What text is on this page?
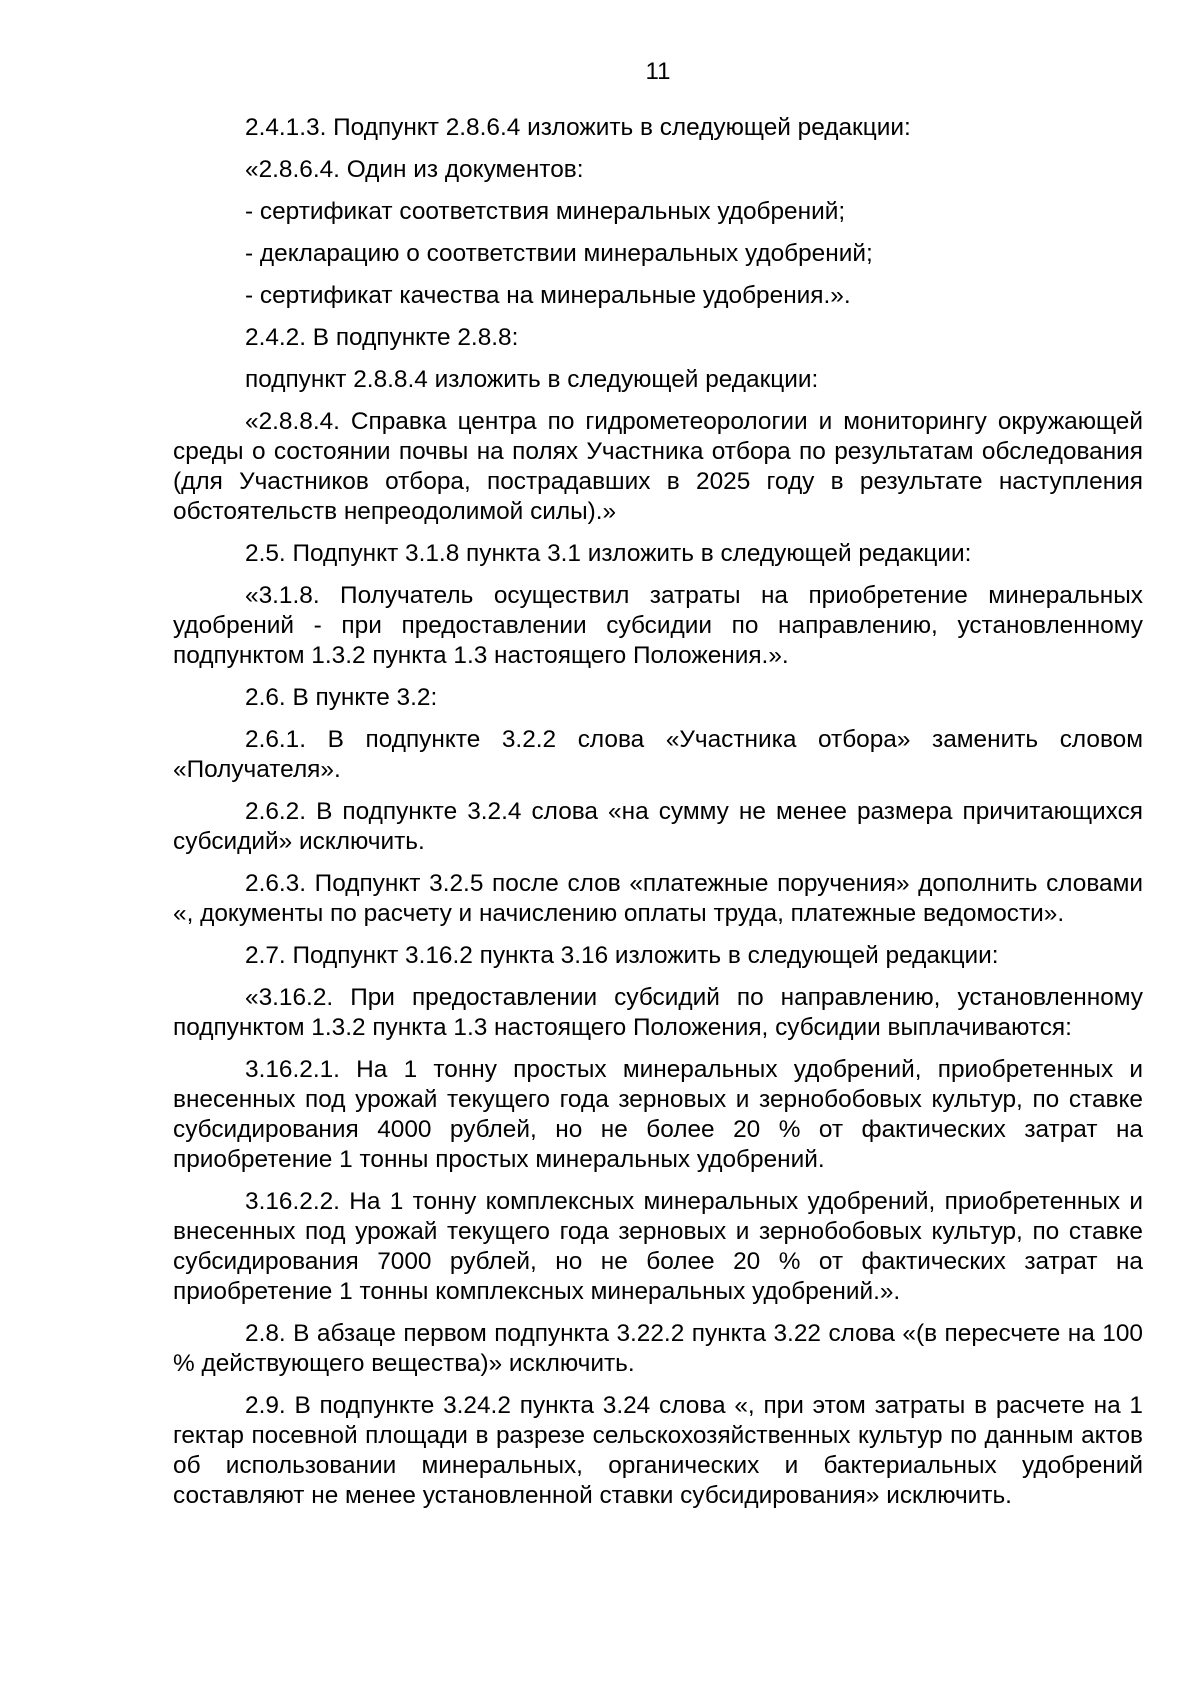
11

2.4.1.3. Подпункт 2.8.6.4 изложить в следующей редакции:

«2.8.6.4. Один из документов:

- сертификат соответствия минеральных удобрений;

- декларацию о соответствии минеральных удобрений;

- сертификат качества на минеральные удобрения.».

2.4.2. В подпункте 2.8.8:

подпункт 2.8.8.4 изложить в следующей редакции:

«2.8.8.4. Справка центра по гидрометеорологии и мониторингу окружающей среды о состоянии почвы на полях Участника отбора по результатам обследования (для Участников отбора, пострадавших в 2025 году в результате наступления обстоятельств непреодолимой силы).»

2.5. Подпункт 3.1.8 пункта 3.1 изложить в следующей редакции:

«3.1.8. Получатель осуществил затраты на приобретение минеральных удобрений - при предоставлении субсидии по направлению, установленному подпунктом 1.3.2 пункта 1.3 настоящего Положения.».

2.6. В пункте 3.2:

2.6.1. В подпункте 3.2.2 слова «Участника отбора» заменить словом «Получателя».

2.6.2. В подпункте 3.2.4 слова «на сумму не менее размера причитающихся субсидий» исключить.

2.6.3. Подпункт 3.2.5 после слов «платежные поручения» дополнить словами «, документы по расчету и начислению оплаты труда, платежные ведомости».

2.7. Подпункт 3.16.2 пункта 3.16 изложить в следующей редакции:

«3.16.2. При предоставлении субсидий по направлению, установленному подпунктом 1.3.2 пункта 1.3 настоящего Положения, субсидии выплачиваются:

3.16.2.1. На 1 тонну простых минеральных удобрений, приобретенных и внесенных под урожай текущего года зерновых и зернобобовых культур, по ставке субсидирования 4000 рублей, но не более 20 % от фактических затрат на приобретение 1 тонны простых минеральных удобрений.

3.16.2.2. На 1 тонну комплексных минеральных удобрений, приобретенных и внесенных под урожай текущего года зерновых и зернобобовых культур, по ставке субсидирования 7000 рублей, но не более 20 % от фактических затрат на приобретение 1 тонны комплексных минеральных удобрений.».

2.8. В абзаце первом подпункта 3.22.2 пункта 3.22 слова «(в пересчете на 100 % действующего вещества)» исключить.

2.9. В подпункте 3.24.2 пункта 3.24 слова «, при этом затраты в расчете на 1 гектар посевной площади в разрезе сельскохозяйственных культур по данным актов об использовании минеральных, органических и бактериальных удобрений составляют не менее установленной ставки субсидирования» исключить.
